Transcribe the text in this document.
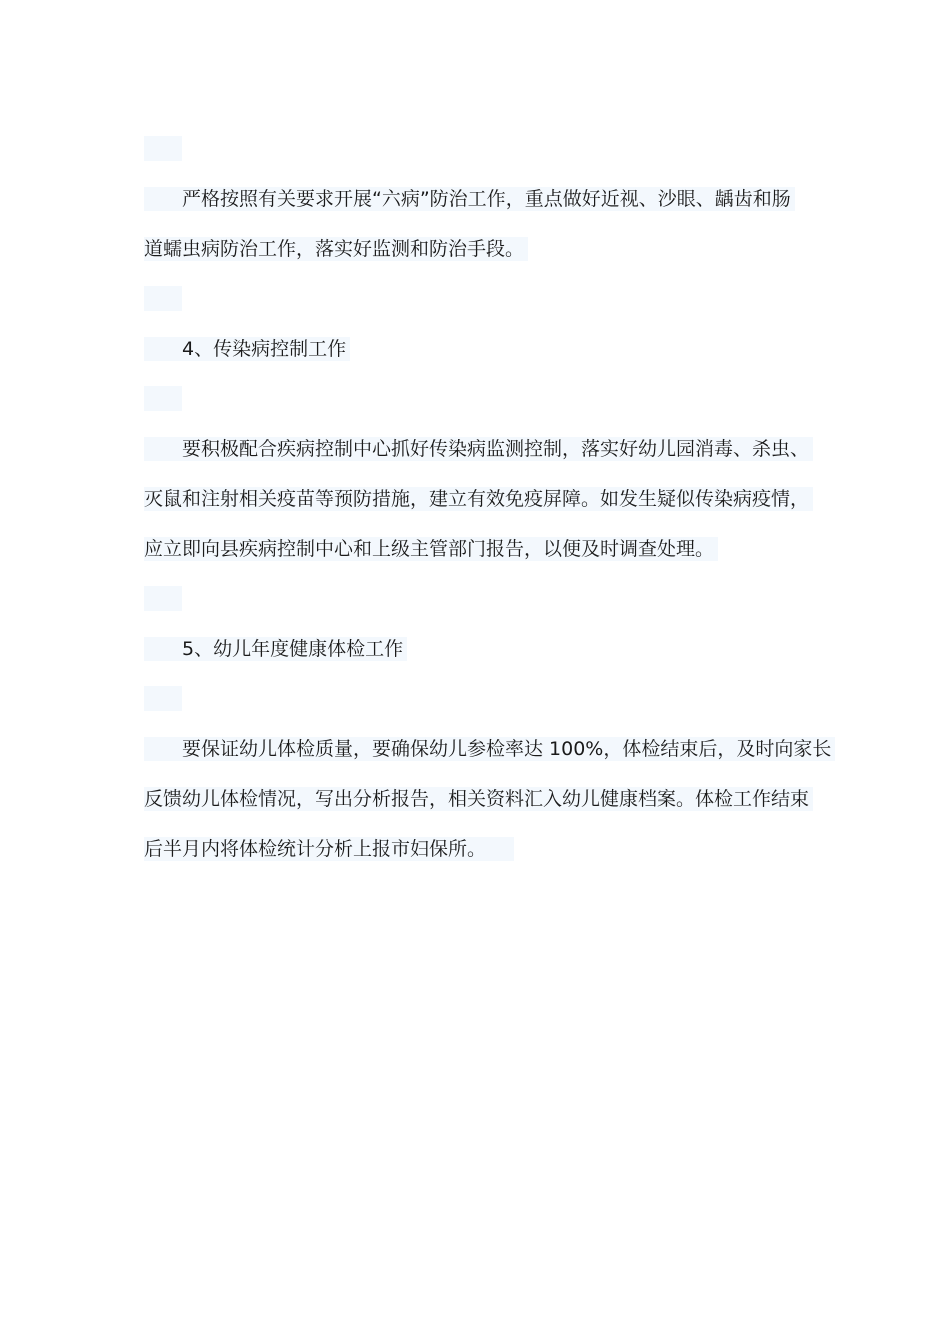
严格按照有关要求开展“六病”防治工作，重点做好近视、沙眼、龋齿和肠
道蠕虫病防治工作，落实好监测和防治手段。
4、传染病控制工作
要积极配合疾病控制中心抓好传染病监测控制，落实好幼儿园消毒、杀虫、
灭鼠和注射相关疫苗等预防措施，建立有效免疫屏障。如发生疑似传染病疫情，
应立即向县疾病控制中心和上级主管部门报告，以便及时调查处理。
5、幼儿年度健康体检工作
要保证幼儿体检质量，要确保幼儿参检率达 100%，体检结束后，及时向家长
反馈幼儿体检情况，写出分析报告，相关资料汇入幼儿健康档案。体检工作结束
后半月内将体检统计分析上报市妇保所。
